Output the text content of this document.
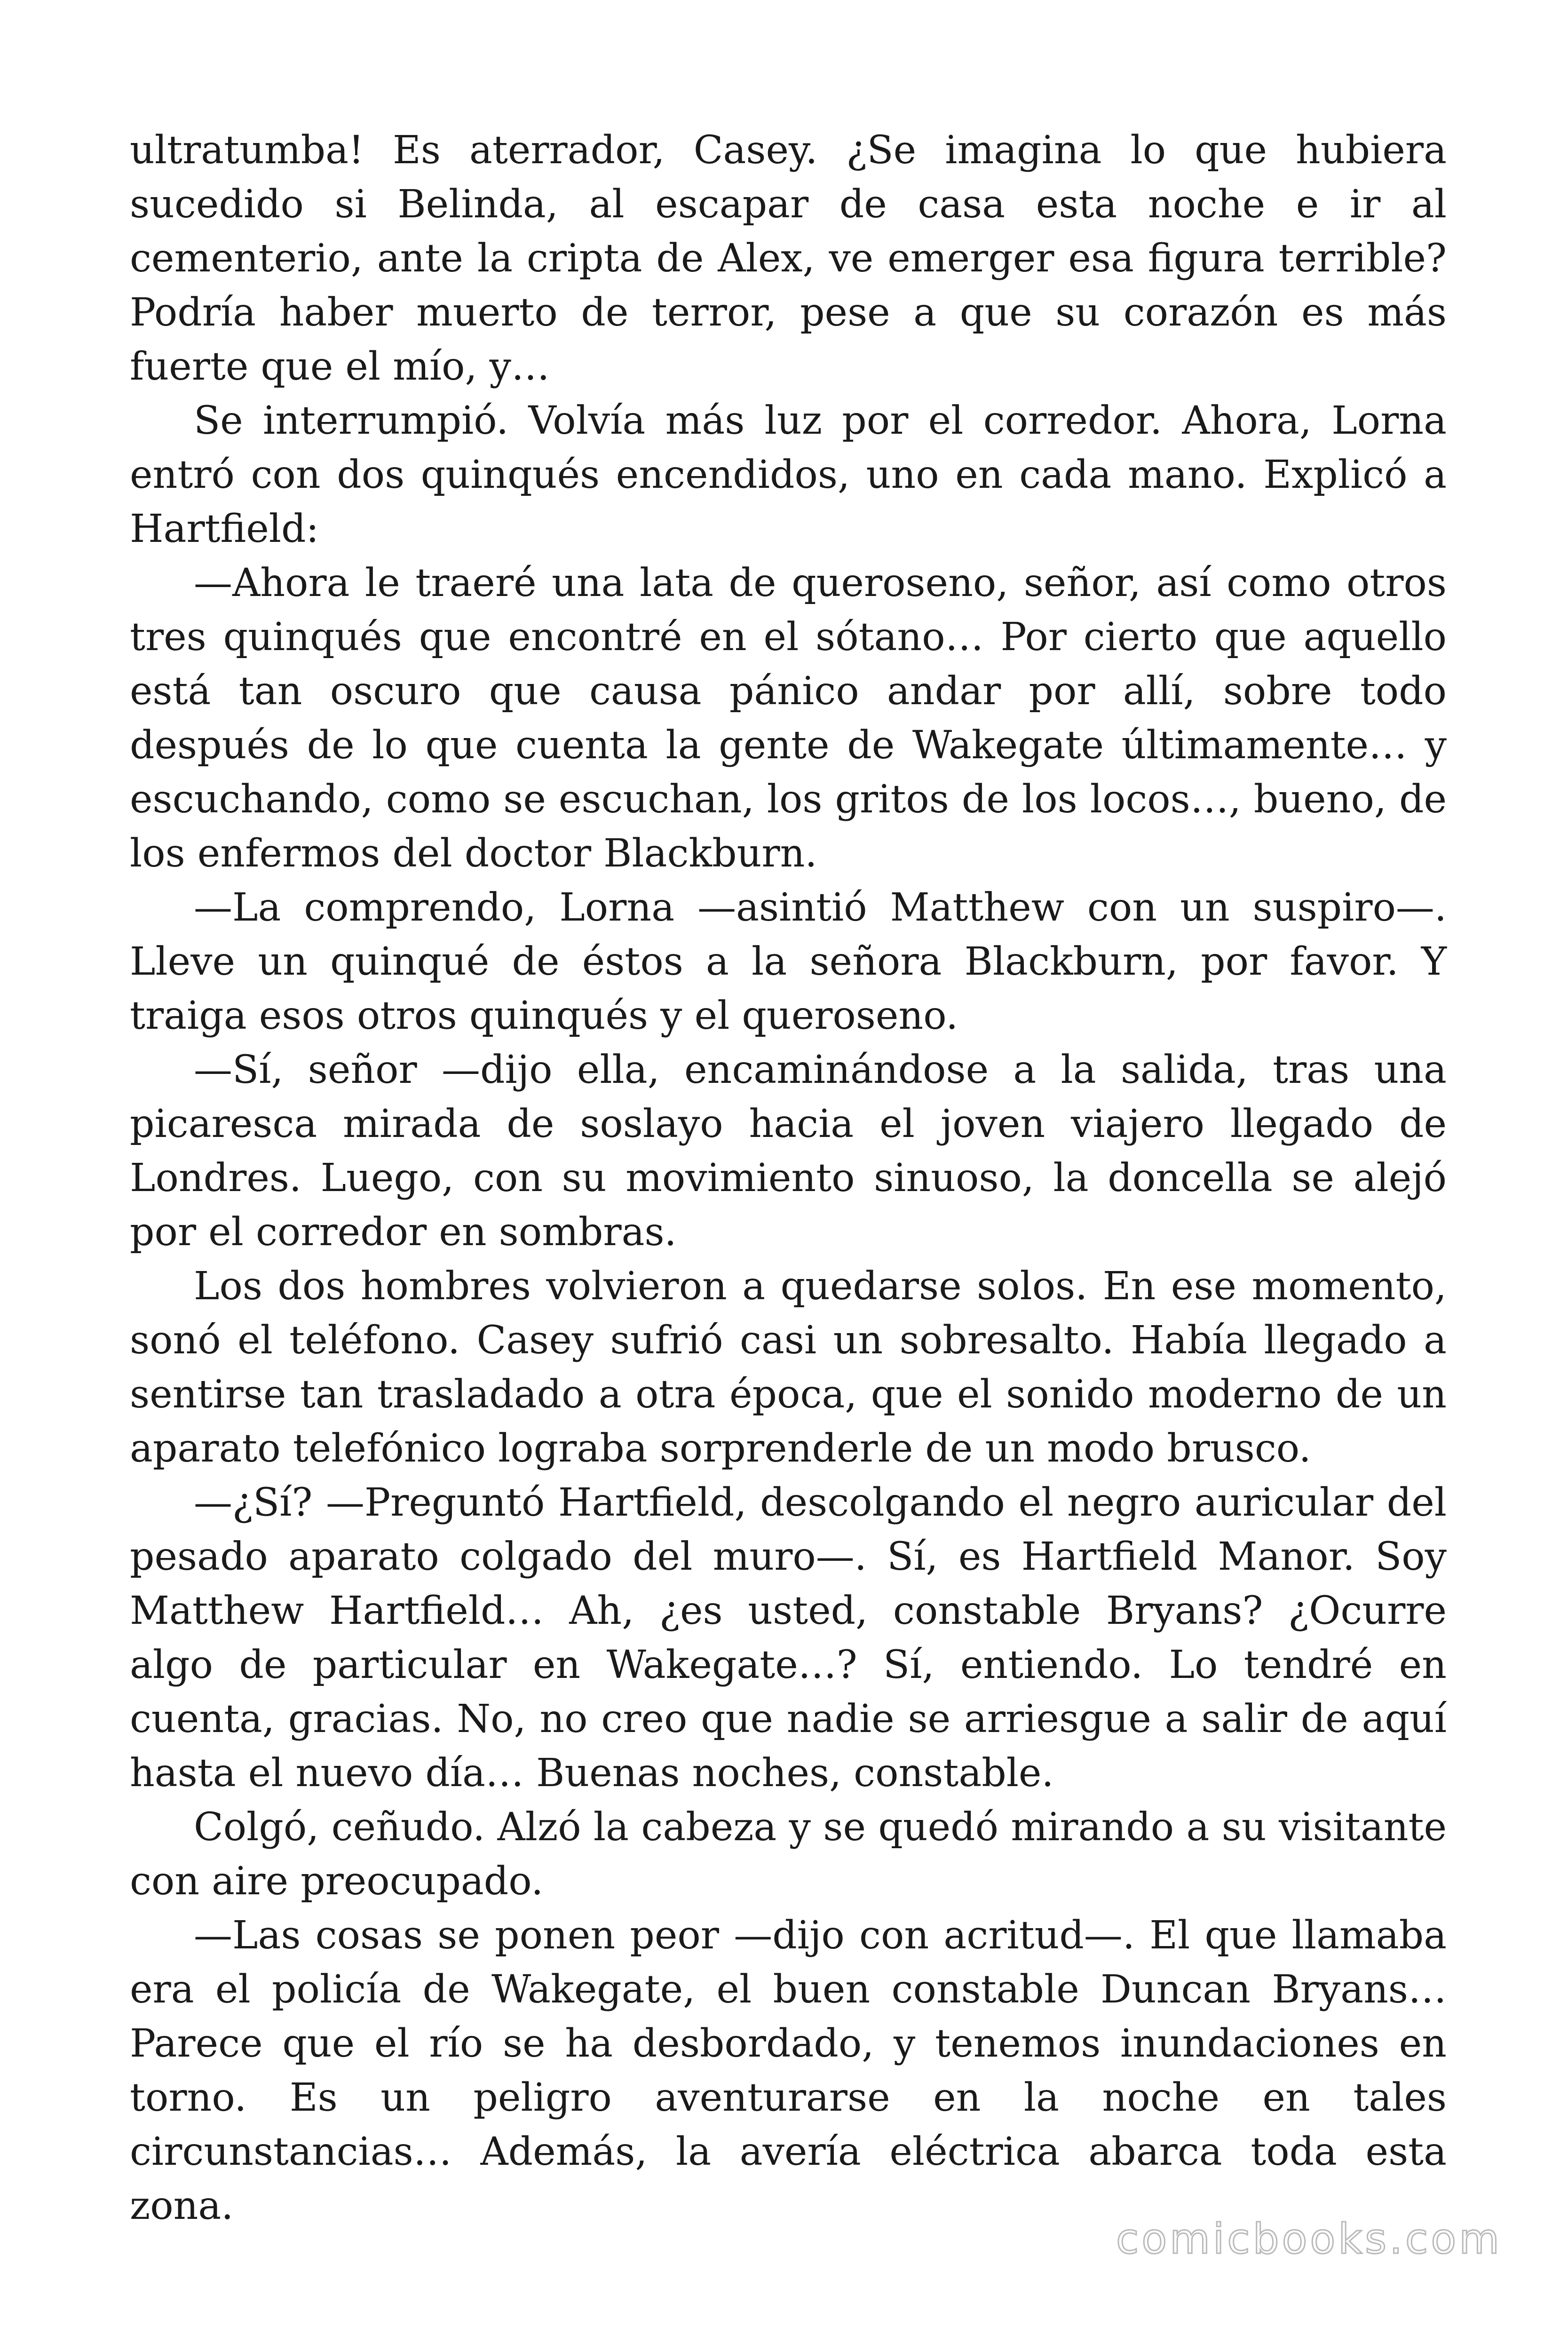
ultratumba! Es aterrador, Casey. ¿Se imagina lo que hubiera sucedido si Belinda, al escapar de casa esta noche e ir al cementerio, ante la cripta de Alex, ve emerger esa figura terrible? Podría haber muerto de terror, pese a que su corazón es más fuerte que el mío, y…

Se interrumpió. Volvía más luz por el corredor. Ahora, Lorna entró con dos quinqués encendidos, uno en cada mano. Explicó a Hartfield:

—Ahora le traeré una lata de queroseno, señor, así como otros tres quinqués que encontré en el sótano… Por cierto que aquello está tan oscuro que causa pánico andar por allí, sobre todo después de lo que cuenta la gente de Wakegate últimamente… y escuchando, como se escuchan, los gritos de los locos…, bueno, de los enfermos del doctor Blackburn.

—La comprendo, Lorna —asintió Matthew con un suspiro—. Lleve un quinqué de éstos a la señora Blackburn, por favor. Y traiga esos otros quinqués y el queroseno.

—Sí, señor —dijo ella, encaminándose a la salida, tras una picaresca mirada de soslayo hacia el joven viajero llegado de Londres. Luego, con su movimiento sinuoso, la doncella se alejó por el corredor en sombras.

Los dos hombres volvieron a quedarse solos. En ese momento, sonó el teléfono. Casey sufrió casi un sobresalto. Había llegado a sentirse tan trasladado a otra época, que el sonido moderno de un aparato telefónico lograba sorprenderle de un modo brusco.

—¿Sí? —Preguntó Hartfield, descolgando el negro auricular del pesado aparato colgado del muro—. Sí, es Hartfield Manor. Soy Matthew Hartfield… Ah, ¿es usted, constable Bryans? ¿Ocurre algo de particular en Wakegate…? Sí, entiendo. Lo tendré en cuenta, gracias. No, no creo que nadie se arriesgue a salir de aquí hasta el nuevo día… Buenas noches, constable.

Colgó, ceñudo. Alzó la cabeza y se quedó mirando a su visitante con aire preocupado.

—Las cosas se ponen peor —dijo con acritud—. El que llamaba era el policía de Wakegate, el buen constable Duncan Bryans… Parece que el río se ha desbordado, y tenemos inundaciones en torno. Es un peligro aventurarse en la noche en tales circunstancias… Además, la avería eléctrica abarca toda esta zona.

comicbooks.com
